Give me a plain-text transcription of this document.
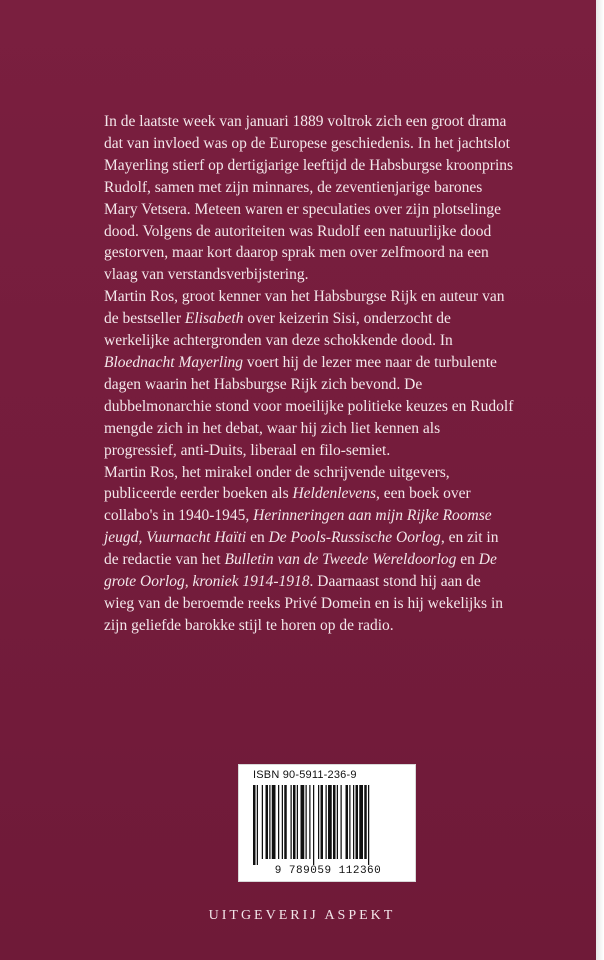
In de laatste week van januari 1889 voltrok zich een groot drama dat van invloed was op de Europese geschiedenis. In het jachtslot Mayerling stierf op dertigjarige leeftijd de Habsburgse kroonprins Rudolf, samen met zijn minnares, de zeventienjarige barones Mary Vetsera. Meteen waren er speculaties over zijn plotselinge dood. Volgens de autoriteiten was Rudolf een natuurlijke dood gestorven, maar kort daarop sprak men over zelfmoord na een vlaag van verstandsverbijstering.

Martin Ros, groot kenner van het Habsburgse Rijk en auteur van de bestseller Elisabeth over keizerin Sisi, onderzocht de werkelijke achtergronden van deze schokkende dood. In Bloednacht Mayerling voert hij de lezer mee naar de turbulente dagen waarin het Habsburgse Rijk zich bevond. De dubbelmonarchie stond voor moeilijke politieke keuzes en Rudolf mengde zich in het debat, waar hij zich liet kennen als progressief, anti-Duits, liberaal en filo-semiet.

Martin Ros, het mirakel onder de schrijvende uitgevers, publiceerde eerder boeken als Heldenlevens, een boek over collabo's in 1940-1945, Herinneringen aan mijn Rijke Roomse jeugd, Vuurnacht Haïti en De Pools-Russische Oorlog, en zit in de redactie van het Bulletin van de Tweede Wereldoorlog en De grote Oorlog, kroniek 1914-1918. Daarnaast stond hij aan de wieg van de beroemde reeks Privé Domein en is hij wekelijks in zijn geliefde barokke stijl te horen op de radio.

ISBN 90-5911-236-9
9 789059 112360
UITGEVERIJ ASPEKT
